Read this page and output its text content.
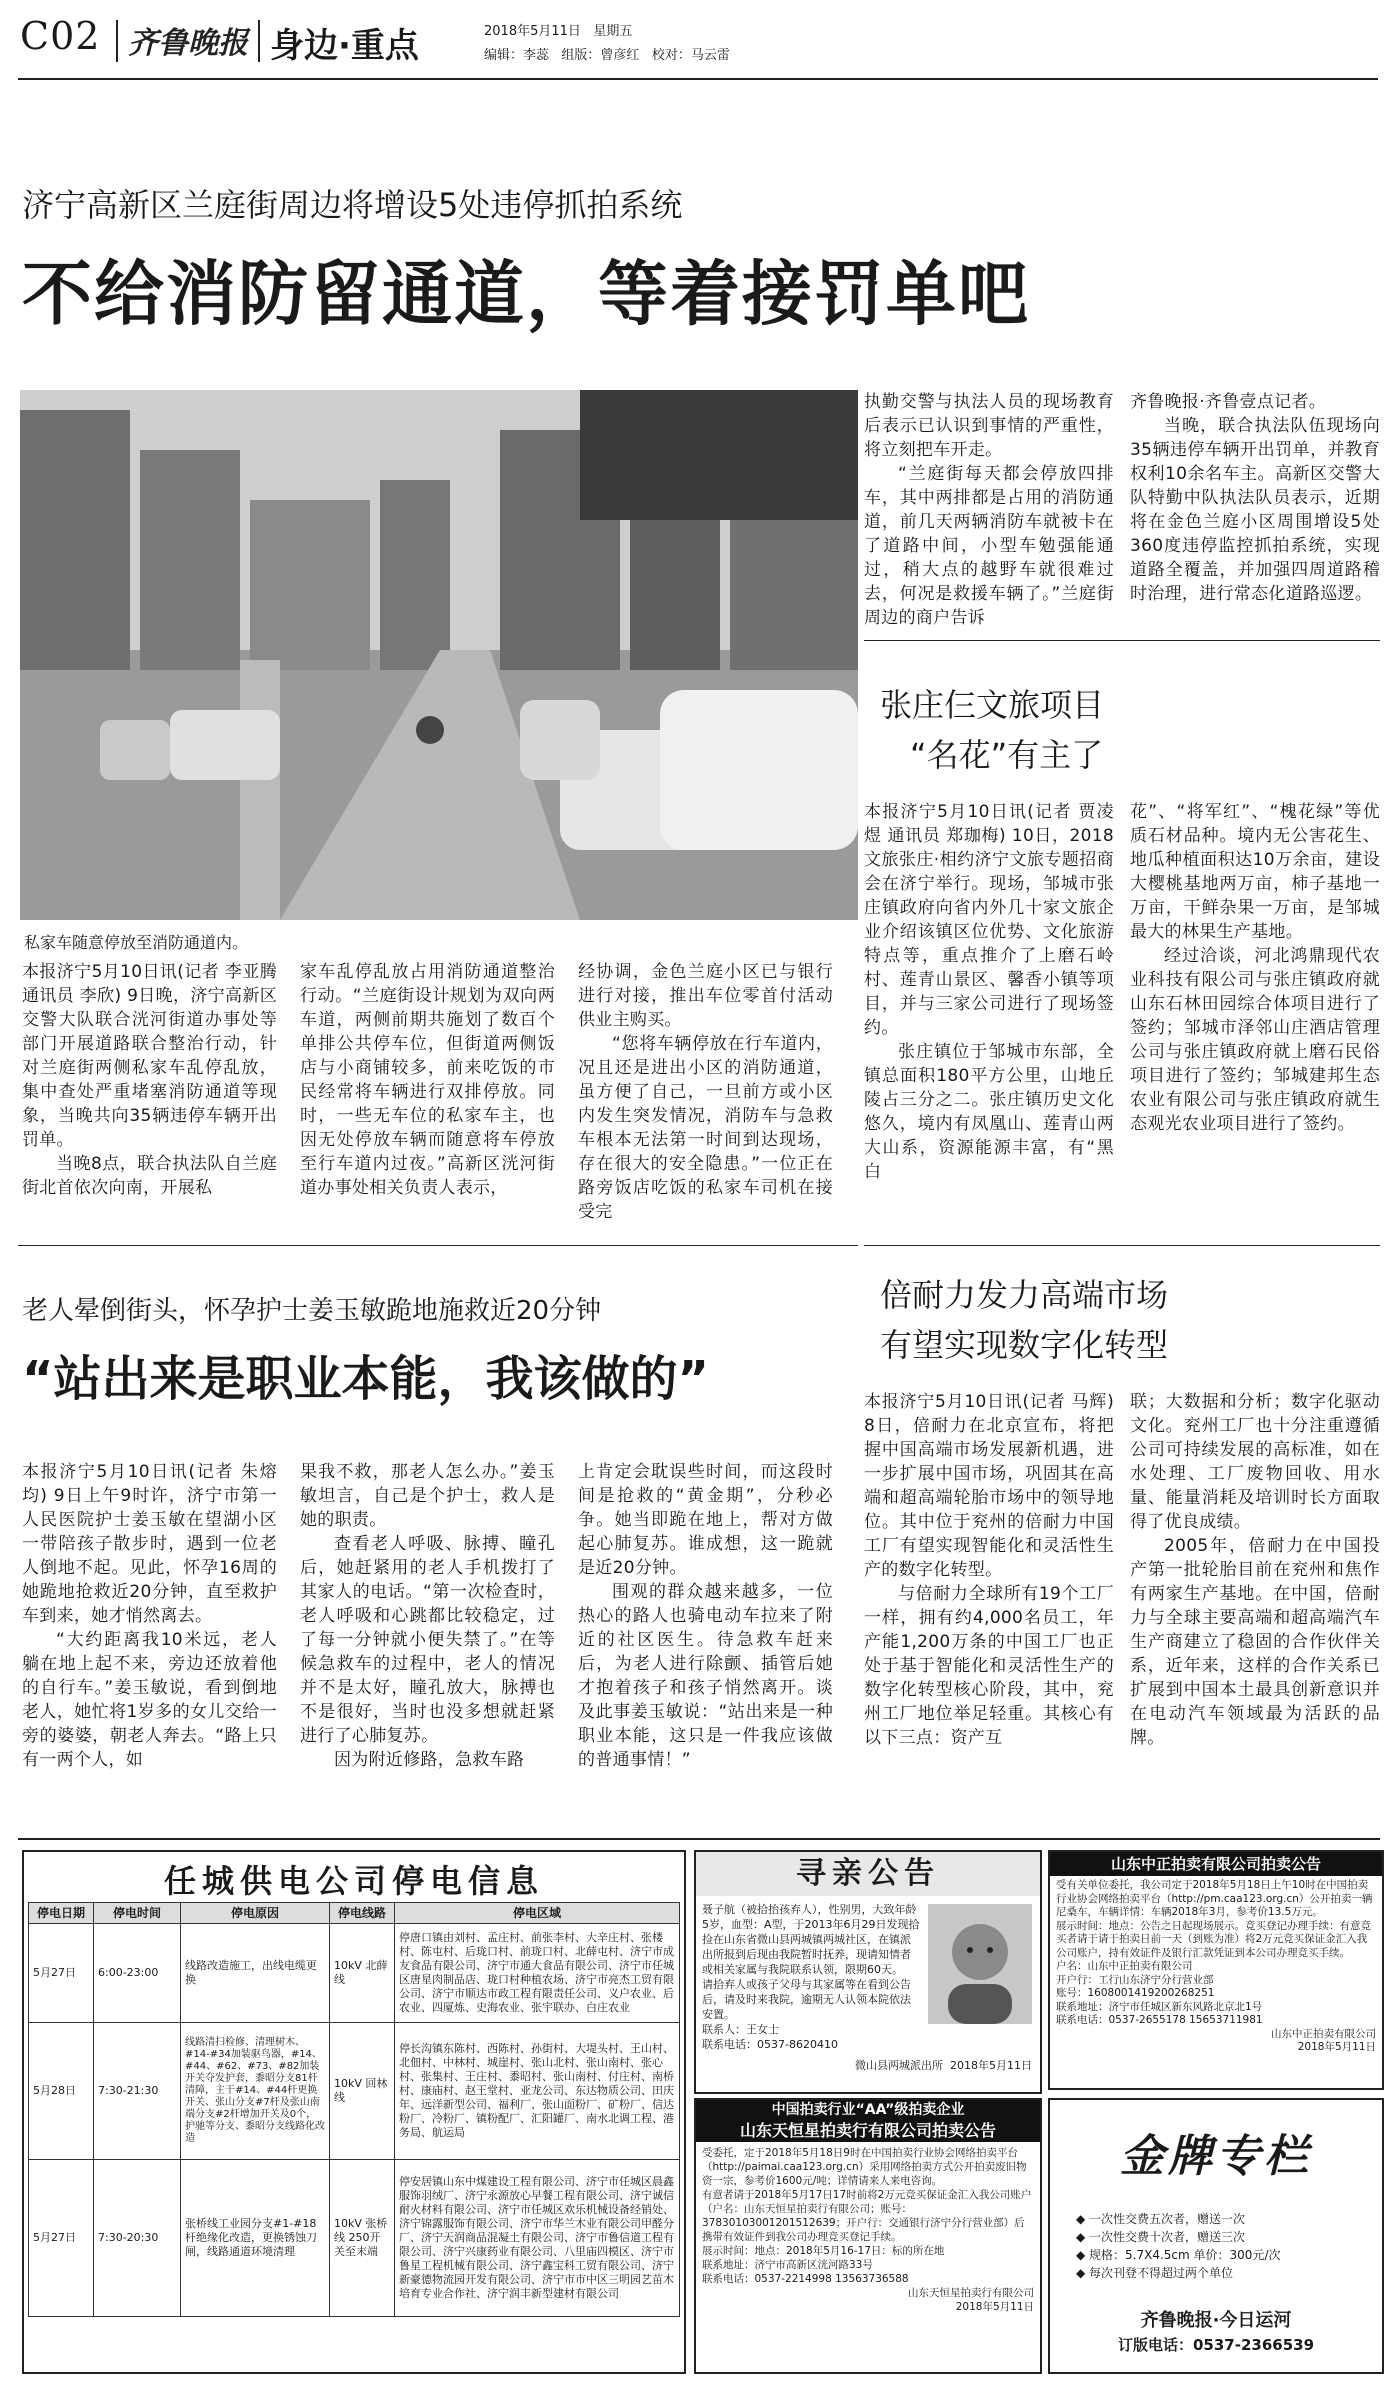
C02 齐鲁晚报 身边·重点	2018年5月11日 星期五
编辑：李蕊 组版：曾彦红 校对：马云雷
济宁高新区兰庭街周边将增设5处违停抓拍系统
不给消防留通道，等着接罚单吧
私家车随意停放至消防通道内。

本报济宁5月10日讯(记者 李亚腾 通讯员 李欣) 9日晚，济宁高新区交警大队联合洸河街道办事处等部门开展道路联合整治行动，针对兰庭街两侧私家车乱停乱放，集中查处严重堵塞消防通道等现象，当晚共向35辆违停车辆开出罚单。

当晚8点，联合执法队自兰庭街北首依次向南，开展私

家车乱停乱放占用消防通道整治行动。“兰庭街设计规划为双向两车道，两侧前期共施划了数百个单排公共停车位，但街道两侧饭店与小商铺较多，前来吃饭的市民经常将车辆进行双排停放。同时，一些无车位的私家车主，也因无处停放车辆而随意将车停放至行车道内过夜。”高新区洸河街道办事处相关负责人表示，

经协调，金色兰庭小区已与银行进行对接，推出车位零首付活动供业主购买。

“您将车辆停放在行车道内，况且还是进出小区的消防通道，虽方便了自己，一旦前方或小区内发生突发情况，消防车与急救车根本无法第一时间到达现场，存在很大的安全隐患。”一位正在路旁饭店吃饭的私家车司机在接受完

执勤交警与执法人员的现场教育后表示已认识到事情的严重性，将立刻把车开走。

“兰庭街每天都会停放四排车，其中两排都是占用的消防通道，前几天两辆消防车就被卡在了道路中间，小型车勉强能通过，稍大点的越野车就很难过去，何况是救援车辆了。”兰庭街周边的商户告诉

齐鲁晚报·齐鲁壹点记者。

当晚，联合执法队伍现场向35辆违停车辆开出罚单，并教育权利10余名车主。高新区交警大队特勤中队执法队员表示，近期将在金色兰庭小区周围增设5处360度违停监控抓拍系统，实现道路全覆盖，并加强四周道路稽时治理，进行常态化道路巡逻。

张庄仨文旅项目
“名花”有主了

本报济宁5月10日讯(记者 贾凌煜 通讯员 郑珈梅) 10日，2018文旅张庄·相约济宁文旅专题招商会在济宁举行。现场，邹城市张庄镇政府向省内外几十家文旅企业介绍该镇区位优势、文化旅游特点等，重点推介了上磨石岭村、莲青山景区、馨香小镇等项目，并与三家公司进行了现场签约。

张庄镇位于邹城市东部，全镇总面积180平方公里，山地丘陵占三分之二。张庄镇历史文化悠久，境内有凤凰山、莲青山两大山系，资源能源丰富，有“黑白

花”、“将军红”、“槐花绿”等优质石材品种。境内无公害花生、地瓜种植面积达10万余亩，建设大樱桃基地两万亩，柿子基地一万亩，干鲜杂果一万亩，是邹城最大的林果生产基地。

经过洽谈，河北鸿鼎现代农业科技有限公司与张庄镇政府就山东石林田园综合体项目进行了签约；邹城市泽邻山庄酒店管理公司与张庄镇政府就上磨石民俗项目进行了签约；邹城建邦生态农业有限公司与张庄镇政府就生态观光农业项目进行了签约。

老人晕倒街头，怀孕护士姜玉敏跪地施救近20分钟
“站出来是职业本能，我该做的”

本报济宁5月10日讯(记者 朱熔均) 9日上午9时许，济宁市第一人民医院护士姜玉敏在望湖小区一带陪孩子散步时，遇到一位老人倒地不起。见此，怀孕16周的她跪地抢救近20分钟，直至救护车到来，她才悄然离去。

“大约距离我10米远，老人躺在地上起不来，旁边还放着他的自行车。”姜玉敏说，看到倒地老人，她忙将1岁多的女儿交给一旁的婆婆，朝老人奔去。“路上只有一两个人，如

果我不救，那老人怎么办。”姜玉敏坦言，自己是个护士，救人是她的职责。

查看老人呼吸、脉搏、瞳孔后，她赶紧用的老人手机拨打了其家人的电话。“第一次检查时，老人呼吸和心跳都比较稳定，过了每一分钟就小便失禁了。”在等候急救车的过程中，老人的情况并不是太好，瞳孔放大，脉搏也不是很好，当时也没多想就赶紧进行了心肺复苏。

因为附近修路，急救车路

上肯定会耽误些时间，而这段时间是抢救的“黄金期”，分秒必争。她当即跪在地上，帮对方做起心肺复苏。谁成想，这一跪就是近20分钟。

围观的群众越来越多，一位热心的路人也骑电动车拉来了附近的社区医生。待急救车赶来后，为老人进行除颤、插管后她才抱着孩子和孩子悄然离开。谈及此事姜玉敏说：“站出来是一种职业本能，这只是一件我应该做的普通事情！”

倍耐力发力高端市场
有望实现数字化转型

本报济宁5月10日讯(记者 马辉) 8日，倍耐力在北京宣布，将把握中国高端市场发展新机遇，进一步扩展中国市场，巩固其在高端和超高端轮胎市场中的领导地位。其中位于兖州的倍耐力中国工厂有望实现智能化和灵活性生产的数字化转型。

与倍耐力全球所有19个工厂一样，拥有约4,000名员工，年产能1,200万条的中国工厂也正处于基于智能化和灵活性生产的数字化转型核心阶段，其中，兖州工厂地位举足轻重。其核心有以下三点：资产互

联；大数据和分析；数字化驱动文化。兖州工厂也十分注重遵循公司可持续发展的高标准，如在水处理、工厂废物回收、用水量、能量消耗及培训时长方面取得了优良成绩。

2005年，倍耐力在中国投产第一批轮胎目前在兖州和焦作有两家生产基地。在中国，倍耐力与全球主要高端和超高端汽车生产商建立了稳固的合作伙伴关系，近年来，这样的合作关系已扩展到中国本土最具创新意识并在电动汽车领域最为活跃的品牌。

任城供电公司停电信息
停电日期	停电时间	停电原因	停电线路	停电区域
5月27日	6:00-23:00	线路改造施工，出线电缆更换	10kV 北薛线	停唐口镇由刘村、孟庄村、前张李村、大辛庄村、张楼村、陈屯村、后珑口村、前珑口村、北薛屯村、济宁市成友食品有限公司、济宁市通大食品有限公司、济宁市任城区唐星肉制品店、珑口村种植农场、济宁市亮杰工贸有限公司、济宁市顺达市政工程有限责任公司、义户农业、后农业、四厦炼、史海农业、张宇联办、白庄农业
5月28日	7:30-21:30	线路清扫检修、清理树木、#14-#34加装驱鸟器，#14、#44、#62、#73、#82加装开关夺发护套，黍昭分支81杆清障，主干#14、#44杆更换开关、张山分支#7杆及张山南端分支#2杆增加开关及0个，护驰等分支、黍昭分支线路化改造	10kV 回林线	停长沟镇东陈村、西陈村、孙街村、大堤头村、王山村、北佃村、中林村、城崖村、张山北村、张山南村、张心村、张集村、王庄村、黍昭村、张山南村、付庄村、南桥村、康庙村、赵王堂村、亚龙公司、东达物质公司、田庆年、远洋新型公司、福利厂、张山面粉厂、矿粉厂、信达粉厂、冷粉厂、镇粉配厂、汇阳罐厂、南水北调工程、港务局、航运局
5月27日	7:30-20:30	张桥线工业园分支#1-#18杆绝缘化改造，更换锈蚀刀闸，线路通道环境清理	10kV 张桥线 250开关至末端	停安居镇山东中煤建设工程有限公司、济宁市任城区晨鑫服饰羽绒厂、济宁永源放心早餐工程有限公司、济宁诚信耐火材料有限公司、济宁市任城区欢乐机械设备经销处、济宁锦露服饰有限公司、济宁市华兰木业有限公司甲醛分厂、济宁天润商品混凝土有限公司、济宁市鲁信道工程有限公司、济宁兴康药业有限公司、八里庙四模区、济宁市鲁星工程机械有限公司、济宁鑫宝科工贸有限公司、济宁新豪德物流园开发有限公司、济宁市市中区三明园艺苗木培育专业合作社、济宁润丰新型建材有限公司
寻亲公告
聂子航（被拾抬孩弃人），性别男，大致年龄5岁，血型：A型，于2013年6月29日发现拾捡在山东省微山县两城镇两城社区，在镇派出所报到后现由我院暂时抚养，现请知情者或相关家属与我院联系认领，限期60天。
请拾弃人或孩子父母与其家属等在看到公告后，请及时来我院，逾期无人认领本院依法安置。
联系人：王女士
联系电话：0537-8620410
微山县两城派出所 2018年5月11日
中国拍卖行业“AA”级拍卖企业
山东天恒星拍卖行有限公司拍卖公告
受委托，定于2018年5月18日9时在中国拍卖行业协会网络拍卖平台（http://paimai.caa123.org.cn）采用网络拍卖方式公开拍卖废旧物资一宗，参考价1600元/吨；详情请来人来电咨询。
有意者请于2018年5月17日17时前将2万元竞买保证金汇入我公司账户（户名：山东天恒星拍卖行有限公司；账号：37830103001201512639；开户行：交通银行济宁分行营业部）后携带有效证件到我公司办理竞买登记手续。
展示时间：地点：2018年5月16-17日：标的所在地
联系地址：济宁市高新区洸河路33号
联系电话：0537-2214998 13563736588
山东天恒星拍卖行有限公司
2018年5月11日
山东中正拍卖有限公司拍卖公告
受有关单位委托，我公司定于2018年5月18日上午10时在中国拍卖行业协会网络拍卖平台（http://pm.caa123.org.cn）公开拍卖一辆尼桑车，车辆详情：车辆2018年3月，参考价13.5万元。
展示时间：地点：公告之日起现场展示。竞买登记办理手续：有意竞买者请于请于拍卖日前一天（到账为准）将2万元竞买保证金汇入我公司账户，持有效证件及银行汇款凭证到本公司办理竞买手续。
户名：山东中正拍卖有限公司
开户行：工行山东济宁分行营业部
账号：1608001419200268251
联系地址：济宁市任城区新东风路北京北1号
联系电话：0537-2655178 15653711981
山东中正拍卖有限公司
2018年5月11日
金牌专栏
◆ 一次性交费五次者，赠送一次
◆ 一次性交费十次者，赠送三次
◆ 规格：5.7X4.5cm 单价：300元/次
◆ 每次刊登不得超过两个单位
齐鲁晚报·今日运河
订版电话：0537-2366539
